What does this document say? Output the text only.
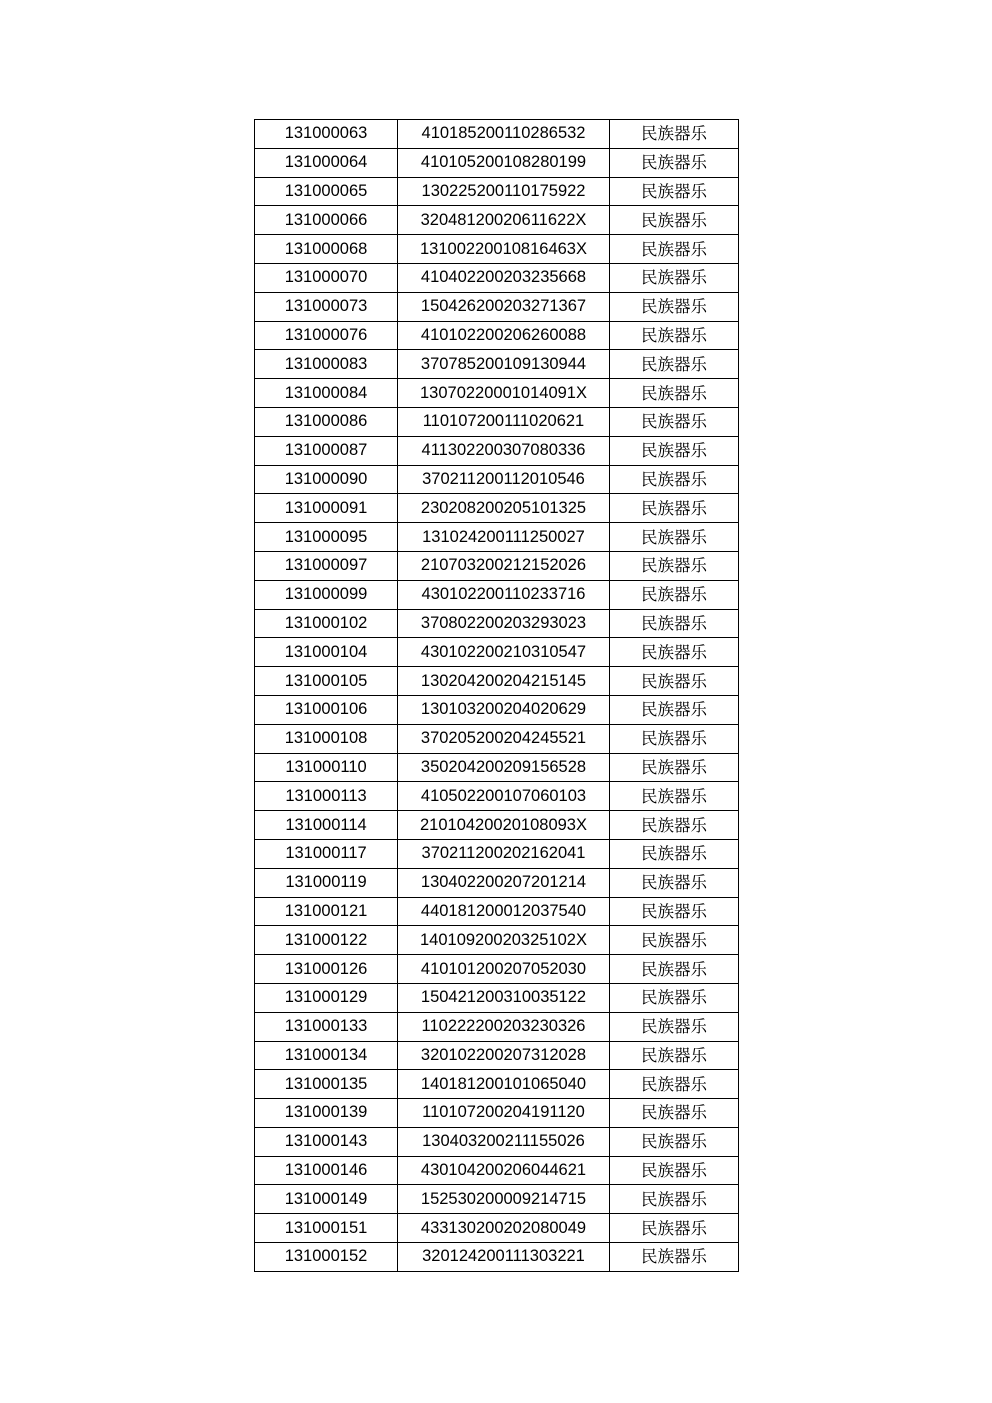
131000063	410185200110286532	民族器乐
131000064	410105200108280199	民族器乐
131000065	130225200110175922	民族器乐
131000066	32048120020611622X	民族器乐
131000068	13100220010816463X	民族器乐
131000070	410402200203235668	民族器乐
131000073	150426200203271367	民族器乐
131000076	410102200206260088	民族器乐
131000083	370785200109130944	民族器乐
131000084	13070220001014091X	民族器乐
131000086	110107200111020621	民族器乐
131000087	411302200307080336	民族器乐
131000090	370211200112010546	民族器乐
131000091	230208200205101325	民族器乐
131000095	131024200111250027	民族器乐
131000097	210703200212152026	民族器乐
131000099	430102200110233716	民族器乐
131000102	370802200203293023	民族器乐
131000104	430102200210310547	民族器乐
131000105	130204200204215145	民族器乐
131000106	130103200204020629	民族器乐
131000108	370205200204245521	民族器乐
131000110	350204200209156528	民族器乐
131000113	410502200107060103	民族器乐
131000114	21010420020108093X	民族器乐
131000117	370211200202162041	民族器乐
131000119	130402200207201214	民族器乐
131000121	440181200012037540	民族器乐
131000122	14010920020325102X	民族器乐
131000126	410101200207052030	民族器乐
131000129	150421200310035122	民族器乐
131000133	110222200203230326	民族器乐
131000134	320102200207312028	民族器乐
131000135	140181200101065040	民族器乐
131000139	110107200204191120	民族器乐
131000143	130403200211155026	民族器乐
131000146	430104200206044621	民族器乐
131000149	152530200009214715	民族器乐
131000151	433130200202080049	民族器乐
131000152	320124200111303221	民族器乐
